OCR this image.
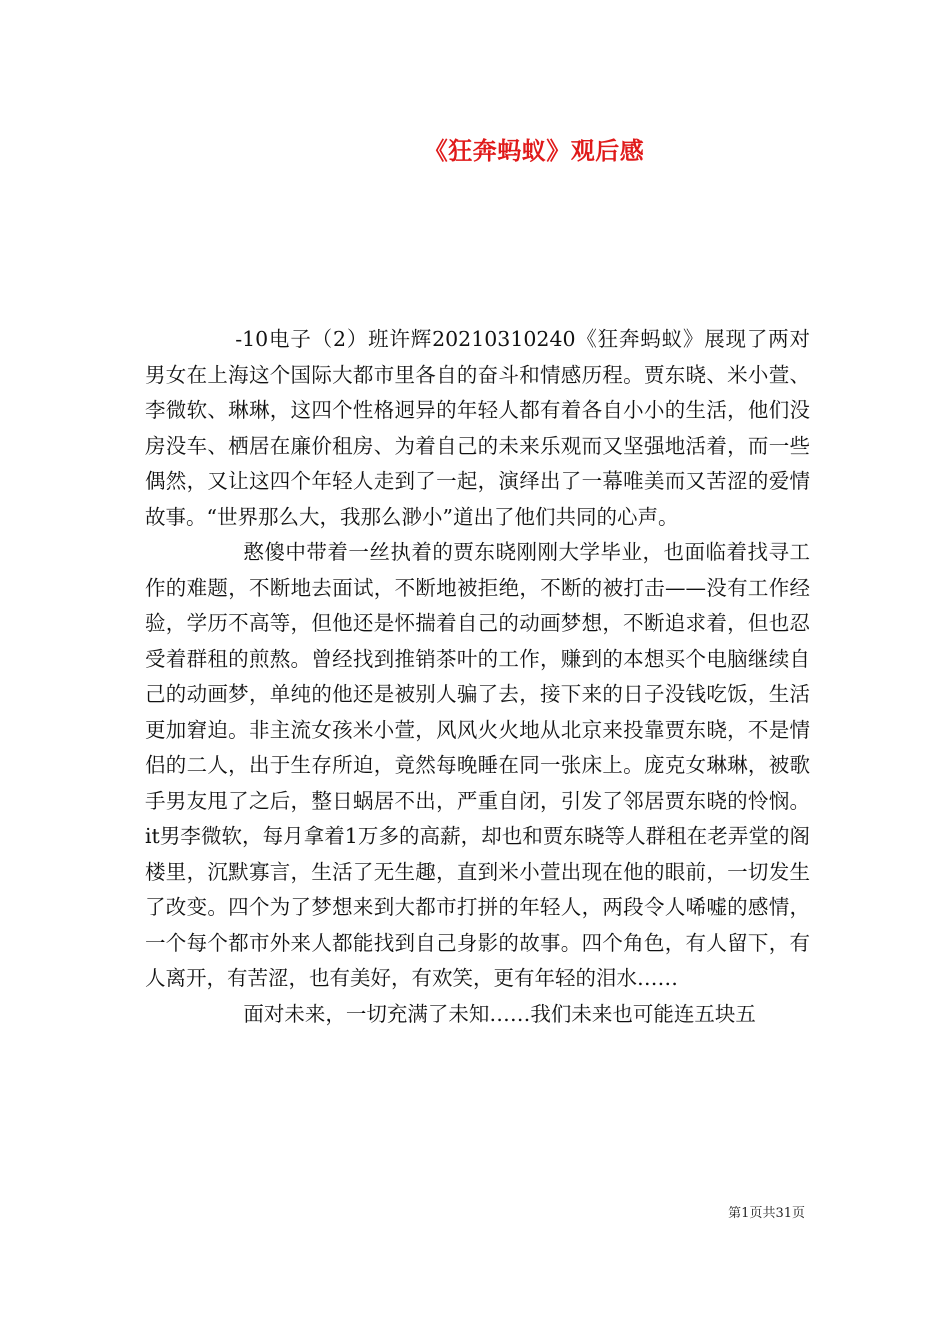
《狂奔蚂蚁》观后感

-10电子（2）班许辉20210310240《狂奔蚂蚁》展现了两对男女在上海这个国际大都市里各自的奋斗和情感历程。贾东晓、米小萱、李微软、琳琳，这四个性格迥异的年轻人都有着各自小小的生活，他们没房没车、栖居在廉价租房、为着自己的未来乐观而又坚强地活着，而一些偶然，又让这四个年轻人走到了一起，演绎出了一幕唯美而又苦涩的爱情故事。“世界那么大，我那么渺小”道出了他们共同的心声。

憨傻中带着一丝执着的贾东晓刚刚大学毕业，也面临着找寻工作的难题，不断地去面试，不断地被拒绝，不断的被打击——没有工作经验，学历不高等，但他还是怀揣着自己的动画梦想，不断追求着，但也忍受着群租的煎熬。曾经找到推销茶叶的工作，赚到的本想买个电脑继续自己的动画梦，单纯的他还是被别人骗了去，接下来的日子没钱吃饭，生活更加窘迫。非主流女孩米小萱，风风火火地从北京来投靠贾东晓，不是情侣的二人，出于生存所迫，竟然每晚睡在同一张床上。庞克女琳琳，被歌手男友甩了之后，整日蜗居不出，严重自闭，引发了邻居贾东晓的怜悯。it男李微软，每月拿着1万多的高薪，却也和贾东晓等人群租在老弄堂的阁楼里，沉默寡言，生活了无生趣，直到米小萱出现在他的眼前，一切发生了改变。四个为了梦想来到大都市打拼的年轻人，两段令人唏嘘的感情，一个每个都市外来人都能找到自己身影的故事。四个角色，有人留下，有人离开，有苦涩，也有美好，有欢笑，更有年轻的泪水……

面对未来，一切充满了未知……我们未来也可能连五块五

第1页共31页
